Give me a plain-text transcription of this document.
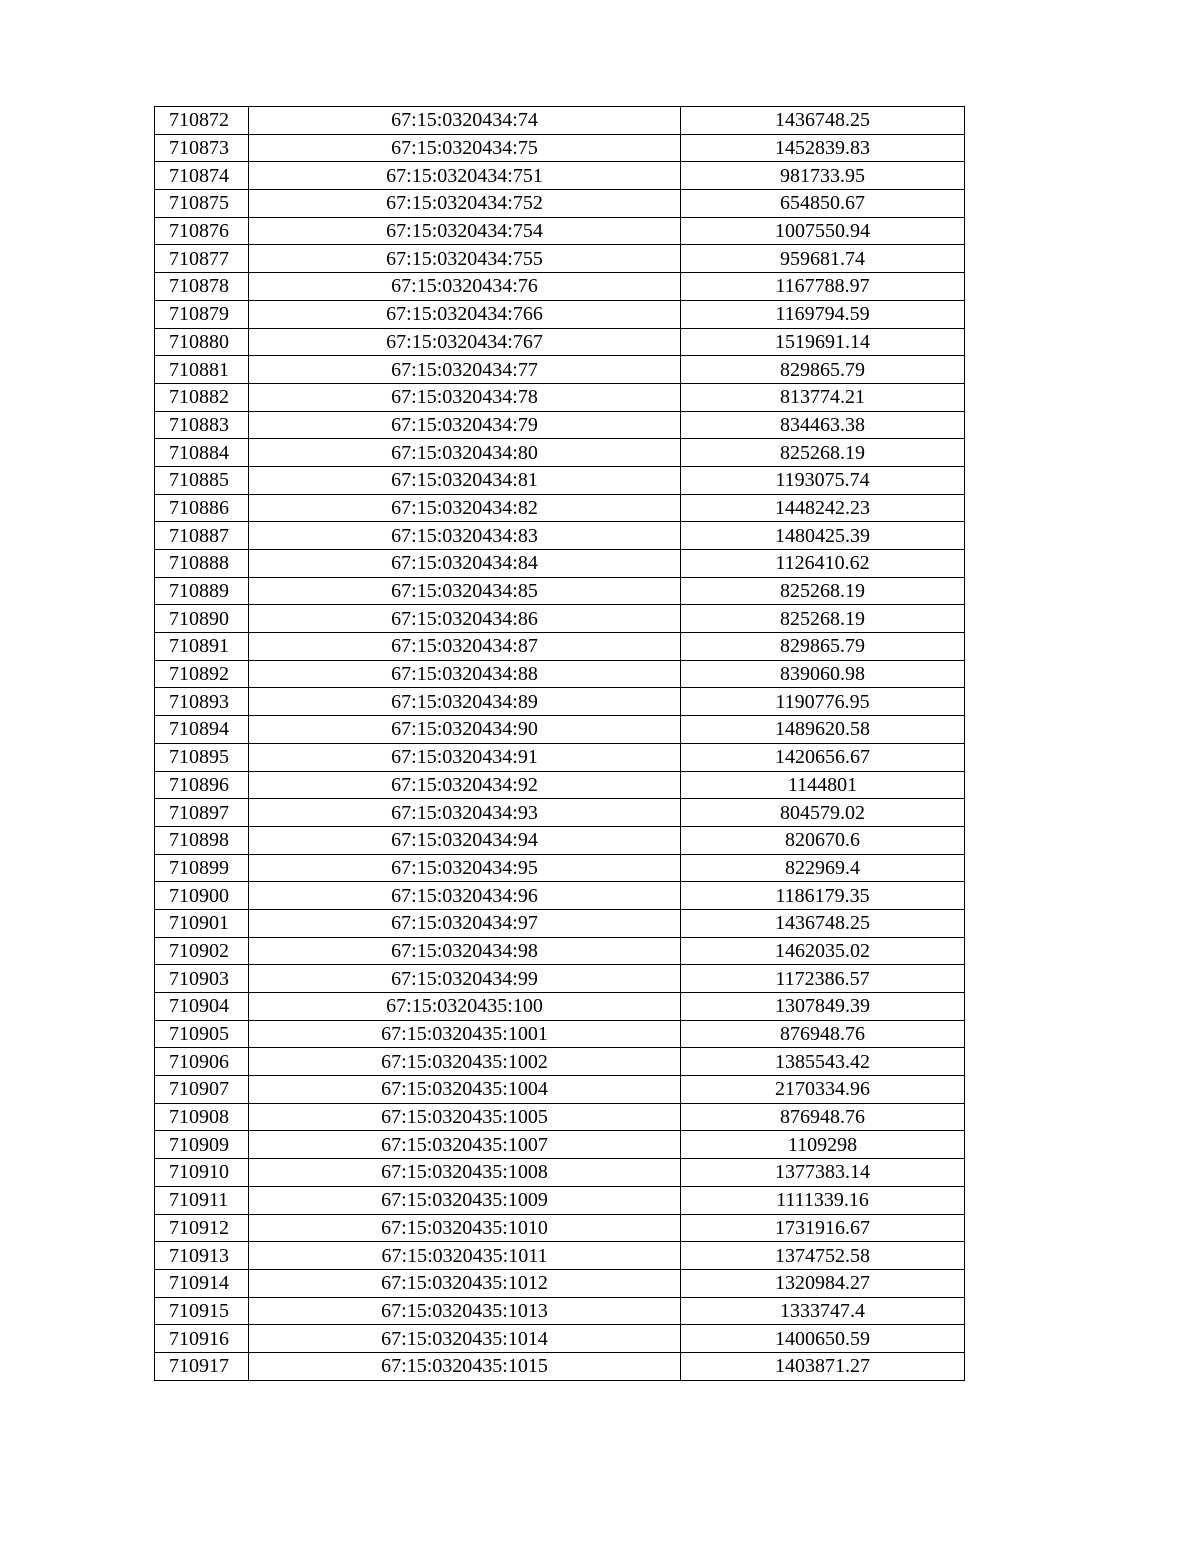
710872	67:15:0320434:74	1436748.25
710873	67:15:0320434:75	1452839.83
710874	67:15:0320434:751	981733.95
710875	67:15:0320434:752	654850.67
710876	67:15:0320434:754	1007550.94
710877	67:15:0320434:755	959681.74
710878	67:15:0320434:76	1167788.97
710879	67:15:0320434:766	1169794.59
710880	67:15:0320434:767	1519691.14
710881	67:15:0320434:77	829865.79
710882	67:15:0320434:78	813774.21
710883	67:15:0320434:79	834463.38
710884	67:15:0320434:80	825268.19
710885	67:15:0320434:81	1193075.74
710886	67:15:0320434:82	1448242.23
710887	67:15:0320434:83	1480425.39
710888	67:15:0320434:84	1126410.62
710889	67:15:0320434:85	825268.19
710890	67:15:0320434:86	825268.19
710891	67:15:0320434:87	829865.79
710892	67:15:0320434:88	839060.98
710893	67:15:0320434:89	1190776.95
710894	67:15:0320434:90	1489620.58
710895	67:15:0320434:91	1420656.67
710896	67:15:0320434:92	1144801
710897	67:15:0320434:93	804579.02
710898	67:15:0320434:94	820670.6
710899	67:15:0320434:95	822969.4
710900	67:15:0320434:96	1186179.35
710901	67:15:0320434:97	1436748.25
710902	67:15:0320434:98	1462035.02
710903	67:15:0320434:99	1172386.57
710904	67:15:0320435:100	1307849.39
710905	67:15:0320435:1001	876948.76
710906	67:15:0320435:1002	1385543.42
710907	67:15:0320435:1004	2170334.96
710908	67:15:0320435:1005	876948.76
710909	67:15:0320435:1007	1109298
710910	67:15:0320435:1008	1377383.14
710911	67:15:0320435:1009	1111339.16
710912	67:15:0320435:1010	1731916.67
710913	67:15:0320435:1011	1374752.58
710914	67:15:0320435:1012	1320984.27
710915	67:15:0320435:1013	1333747.4
710916	67:15:0320435:1014	1400650.59
710917	67:15:0320435:1015	1403871.27
